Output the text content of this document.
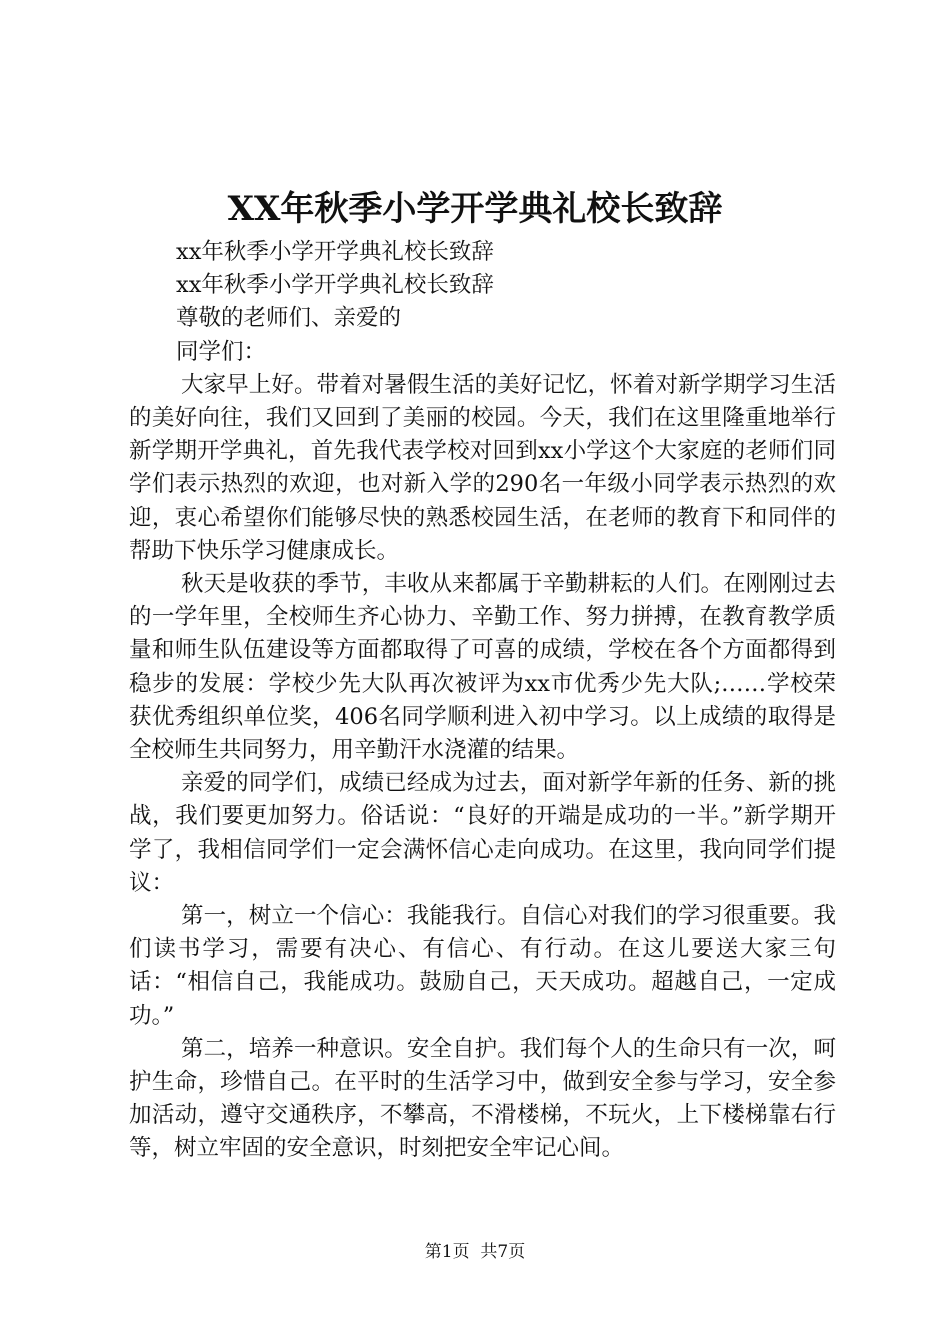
XX年秋季小学开学典礼校长致辞

xx年秋季小学开学典礼校长致辞

xx年秋季小学开学典礼校长致辞

尊敬的老师们、亲爱的

同学们：

大家早上好。带着对暑假生活的美好记忆，怀着对新学期学习生活的美好向往，我们又回到了美丽的校园。今天，我们在这里隆重地举行新学期开学典礼，首先我代表学校对回到xx小学这个大家庭的老师们同学们表示热烈的欢迎，也对新入学的290名一年级小同学表示热烈的欢迎，衷心希望你们能够尽快的熟悉校园生活，在老师的教育下和同伴的帮助下快乐学习健康成长。

秋天是收获的季节，丰收从来都属于辛勤耕耘的人们。在刚刚过去的一学年里，全校师生齐心协力、辛勤工作、努力拼搏，在教育教学质量和师生队伍建设等方面都取得了可喜的成绩，学校在各个方面都得到稳步的发展：学校少先大队再次被评为xx市优秀少先大队;……学校荣获优秀组织单位奖，406名同学顺利进入初中学习。以上成绩的取得是全校师生共同努力，用辛勤汗水浇灌的结果。

亲爱的同学们，成绩已经成为过去，面对新学年新的任务、新的挑战，我们要更加努力。俗话说：“良好的开端是成功的一半。”新学期开学了，我相信同学们一定会满怀信心走向成功。在这里，我向同学们提议：

第一，树立一个信心：我能我行。自信心对我们的学习很重要。我们读书学习，需要有决心、有信心、有行动。在这儿要送大家三句话：“相信自己，我能成功。鼓励自己，天天成功。超越自己，一定成功。”

第二，培养一种意识。安全自护。我们每个人的生命只有一次，呵护生命，珍惜自己。在平时的生活学习中，做到安全参与学习，安全参加活动，遵守交通秩序，不攀高，不滑楼梯，不玩火，上下楼梯靠右行等，树立牢固的安全意识，时刻把安全牢记心间。

第1页  共7页
